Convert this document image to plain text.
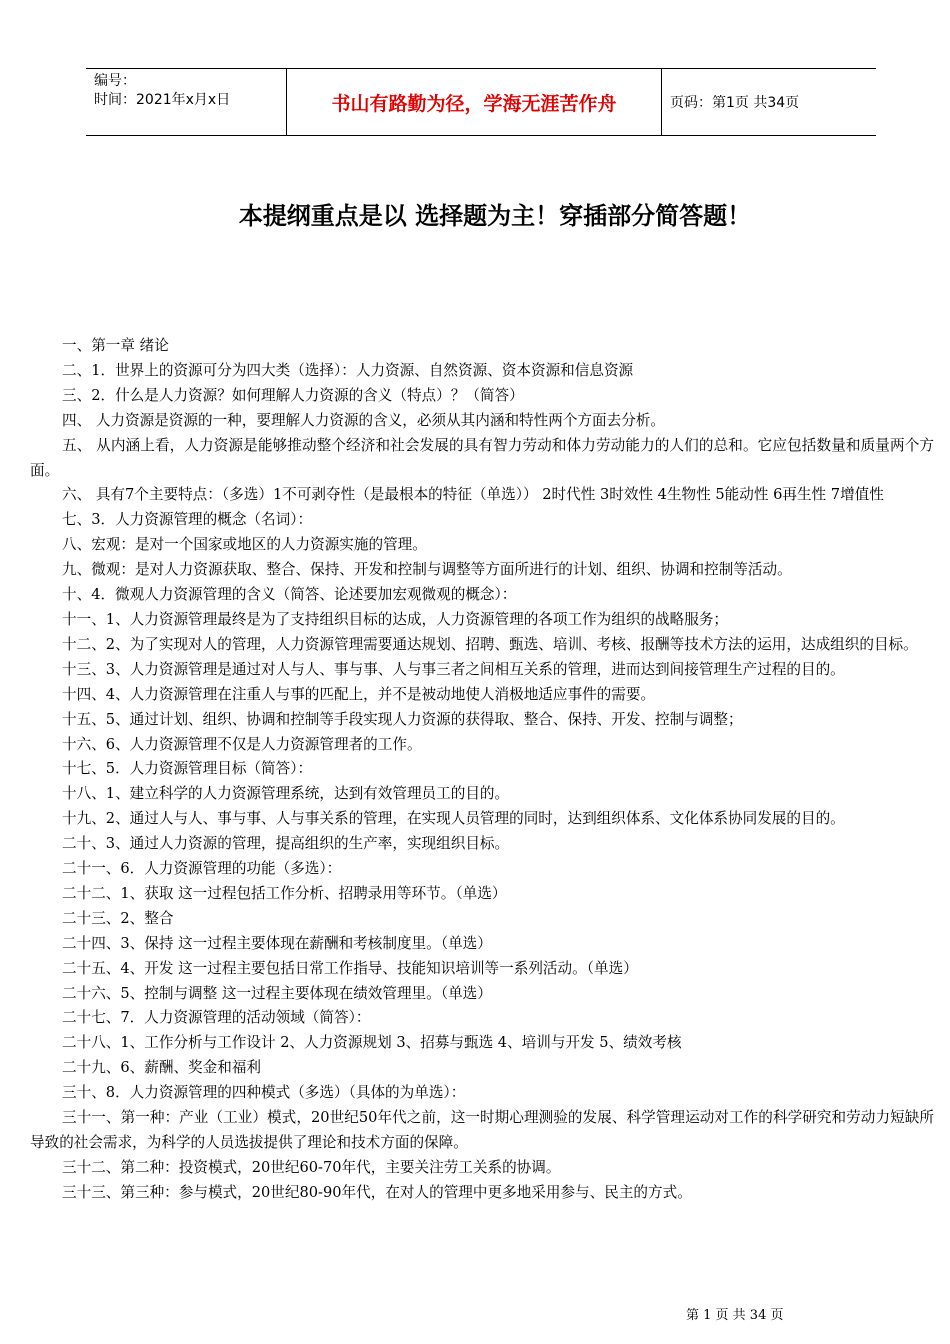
编号：
时间：2021年x月x日	书山有路勤为径，学海无涯苦作舟	页码：第1页 共34页
本提纲重点是以 选择题为主！穿插部分简答题！

一、第一章 绪论

二、1．世界上的资源可分为四大类（选择）：人力资源、自然资源、资本资源和信息资源

三、2．什么是人力资源？如何理解人力资源的含义（特点）？（简答）

四、 人力资源是资源的一种，要理解人力资源的含义，必须从其内涵和特性两个方面去分析。

五、 从内涵上看，人力资源是能够推动整个经济和社会发展的具有智力劳动和体力劳动能力的人们的总和。它应包括数量和质量两个方面。

六、 具有7个主要特点：（多选）1不可剥夺性（是最根本的特征（单选）） 2时代性 3时效性 4生物性 5能动性 6再生性 7增值性

七、3．人力资源管理的概念（名词）：

八、宏观：是对一个国家或地区的人力资源实施的管理。

九、微观：是对人力资源获取、整合、保持、开发和控制与调整等方面所进行的计划、组织、协调和控制等活动。

十、4．微观人力资源管理的含义（简答、论述要加宏观微观的概念）：

十一、1、人力资源管理最终是为了支持组织目标的达成，人力资源管理的各项工作为组织的战略服务；

十二、2、为了实现对人的管理，人力资源管理需要通达规划、招聘、甄选、培训、考核、报酬等技术方法的运用，达成组织的目标。

十三、3、人力资源管理是通过对人与人、事与事、人与事三者之间相互关系的管理，进而达到间接管理生产过程的目的。

十四、4、人力资源管理在注重人与事的匹配上，并不是被动地使人消极地适应事件的需要。

十五、5、通过计划、组织、协调和控制等手段实现人力资源的获得取、整合、保持、开发、控制与调整；

十六、6、人力资源管理不仅是人力资源管理者的工作。

十七、5．人力资源管理目标（简答）：

十八、1、建立科学的人力资源管理系统，达到有效管理员工的目的。

十九、2、通过人与人、事与事、人与事关系的管理，在实现人员管理的同时，达到组织体系、文化体系协同发展的目的。

二十、3、通过人力资源的管理，提高组织的生产率，实现组织目标。

二十一、6．人力资源管理的功能（多选）：

二十二、1、获取 这一过程包括工作分析、招聘录用等环节。（单选）

二十三、2、整合

二十四、3、保持 这一过程主要体现在薪酬和考核制度里。（单选）

二十五、4、开发 这一过程主要包括日常工作指导、技能知识培训等一系列活动。（单选）

二十六、5、控制与调整 这一过程主要体现在绩效管理里。（单选）

二十七、7．人力资源管理的活动领域（简答）：

二十八、1、工作分析与工作设计 2、人力资源规划 3、招募与甄选 4、培训与开发 5、绩效考核

二十九、6、薪酬、奖金和福利

三十、8．人力资源管理的四种模式（多选）（具体的为单选）：

三十一、第一种：产业（工业）模式，20世纪50年代之前，这一时期心理测验的发展、科学管理运动对工作的科学研究和劳动力短缺所导致的社会需求，为科学的人员选拔提供了理论和技术方面的保障。

三十二、第二种：投资模式，20世纪60-70年代，主要关注劳工关系的协调。

三十三、第三种：参与模式，20世纪80-90年代，在对人的管理中更多地采用参与、民主的方式。

第 1 页 共 34 页
